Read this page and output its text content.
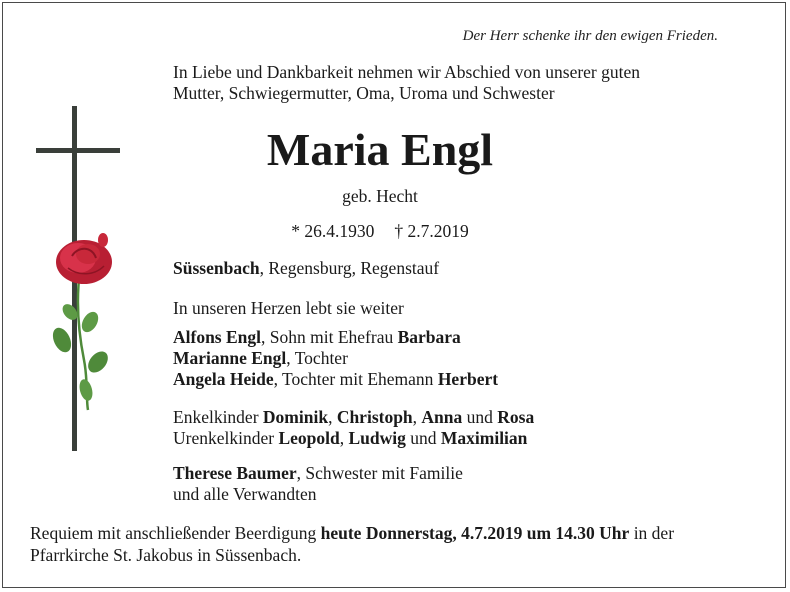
Der Herr schenke ihr den ewigen Frieden.
In Liebe und Dankbarkeit nehmen wir Abschied von unserer guten
Mutter, Schwiegermutter, Oma, Uroma und Schwester
Maria Engl
geb. Hecht
* 26.4.1930 † 2.7.2019
Süssenbach, Regensburg, Regenstauf
In unseren Herzen lebt sie weiter
Alfons Engl, Sohn mit Ehefrau Barbara
Marianne Engl, Tochter
Angela Heide, Tochter mit Ehemann Herbert
Enkelkinder Dominik, Christoph, Anna und Rosa
Urenkelkinder Leopold, Ludwig und Maximilian
Therese Baumer, Schwester mit Familie
und alle Verwandten
Requiem mit anschließender Beerdigung heute Donnerstag, 4.7.2019 um 14.30 Uhr in der
Pfarrkirche St. Jakobus in Süssenbach.
